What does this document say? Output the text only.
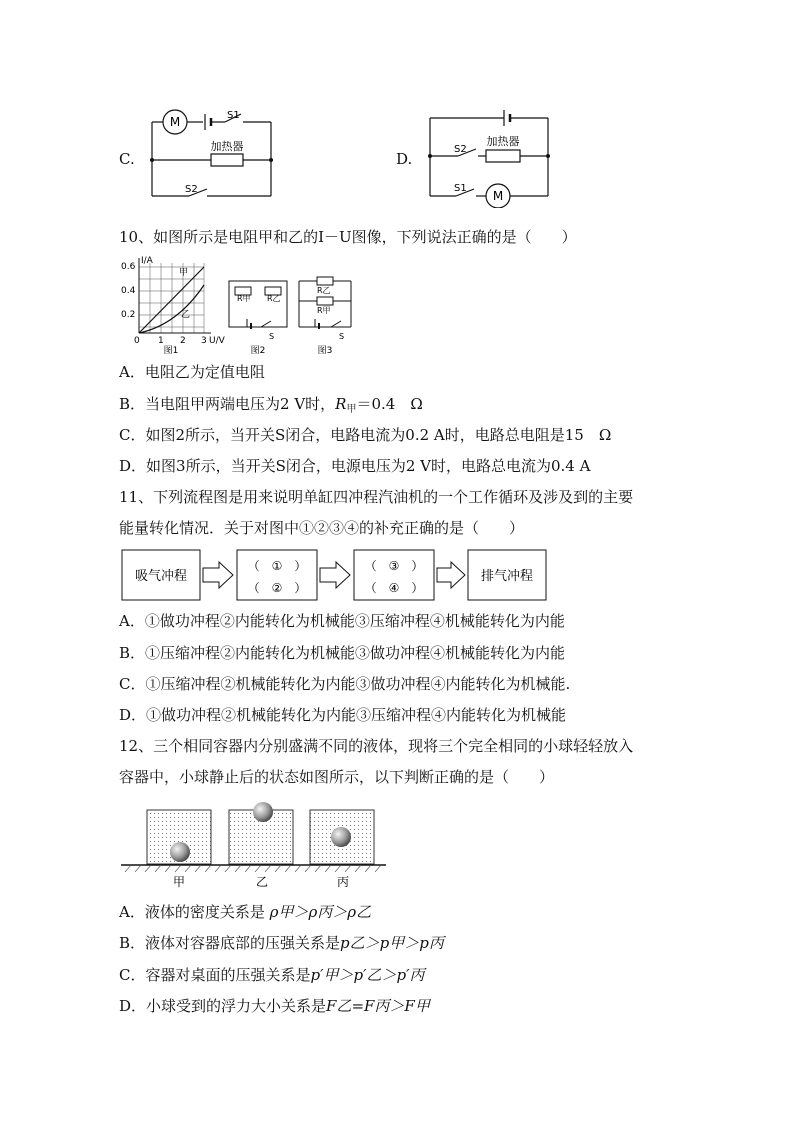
C.
M	S1
S2
加热器
D.
S2
加热器
S1
M
10、如图所示是电阻甲和乙的I－U图像，下列说法正确的是（　　）
I/A
0.6
0.4
0.2
0 1 2 3 U/V
甲
乙
图1
R甲 R乙
S
图2
R乙
R甲
S
图3
A．电阻乙为定值电阻
B．当电阻甲两端电压为2 V时，$R_甲=0.4$　Ω
C．如图2所示，当开关S闭合，电路电流为0.2 A时，电路总电阻是15　Ω
D．如图3所示，当开关S闭合，电源电压为2 V时，电路总电流为0.4 A
11、下列流程图是用来说明单缸四冲程汽油机的一个工作循环及涉及到的主要
能量转化情况．关于对图中①②③④的补充正确的是（　　）
吸气冲程
（　①　）
（　②　）
（　③　）
（　④　）
排气冲程
A．①做功冲程②内能转化为机械能③压缩冲程④机械能转化为内能
B．①压缩冲程②内能转化为机械能③做功冲程④机械能转化为内能
C．①压缩冲程②机械能转化为内能③做功冲程④内能转化为机械能.
D．①做功冲程②机械能转化为内能③压缩冲程④内能转化为机械能
12、三个相同容器内分别盛满不同的液体，现将三个完全相同的小球轻轻放入
容器中，小球静止后的状态如图所示，以下判断正确的是（　　）
甲	乙	丙
A．液体的密度关系是 ρ甲＞ρ丙＞ρ乙
B．液体对容器底部的压强关系是p乙＞p甲＞p丙
C．容器对桌面的压强关系是p′甲＞p′乙＞p′丙
D．小球受到的浮力大小关系是F乙=F丙＞F甲
